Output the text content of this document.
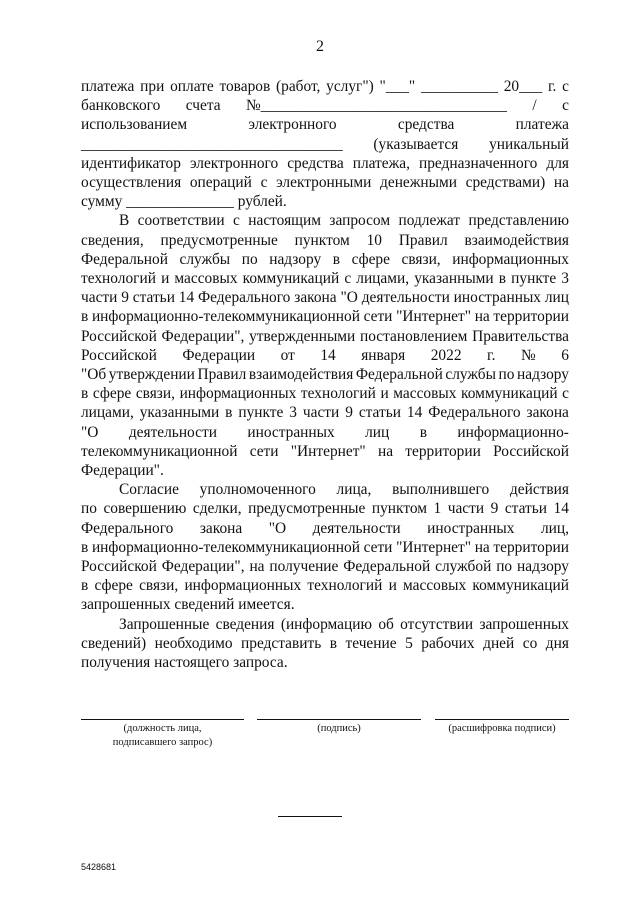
2
платежа при оплате товаров (работ, услуг") "___" __________ 20___ г. с
банковского счета №________________________________ / с
использованием	электронного	средства	платежа
__________________________________ (указывается уникальный
идентификатор электронного средства платежа, предназначенного для
осуществления операций с электронными денежными средствами) на
сумму ______________ рублей.
В соответствии с настоящим запросом подлежат представлению
сведения, предусмотренные пунктом 10 Правил взаимодействия
Федеральной службы по надзору в сфере связи, информационных
технологий и массовых коммуникаций с лицами, указанными в пункте 3
части 9 статьи 14 Федерального закона "О деятельности иностранных лиц
в информационно-телекоммуникационной сети "Интернет" на территории
Российской Федерации", утвержденными постановлением Правительства
Российской Федерации от 14 января 2022 г. № 6
"Об утверждении Правил взаимодействия Федеральной службы по надзору
в сфере связи, информационных технологий и массовых коммуникаций с
лицами, указанными в пункте 3 части 9 статьи 14 Федерального закона
"О деятельности иностранных лиц в информационно-
телекоммуникационной сети "Интернет" на территории Российской
Федерации".
Согласие уполномоченного лица, выполнившего действия
по совершению сделки, предусмотренные пунктом 1 части 9 статьи 14
Федерального закона "О деятельности иностранных лиц,
в информационно-телекоммуникационной сети "Интернет" на территории
Российской Федерации", на получение Федеральной службой по надзору
в сфере связи, информационных технологий и массовых коммуникаций
запрошенных сведений имеется.
Запрошенные сведения (информацию об отсутствии запрошенных
сведений) необходимо представить в течение 5 рабочих дней со дня
получения настоящего запроса.
(должность лица,
подписавшего запрос)
(подпись)	(расшифровка подписи)
5428681
